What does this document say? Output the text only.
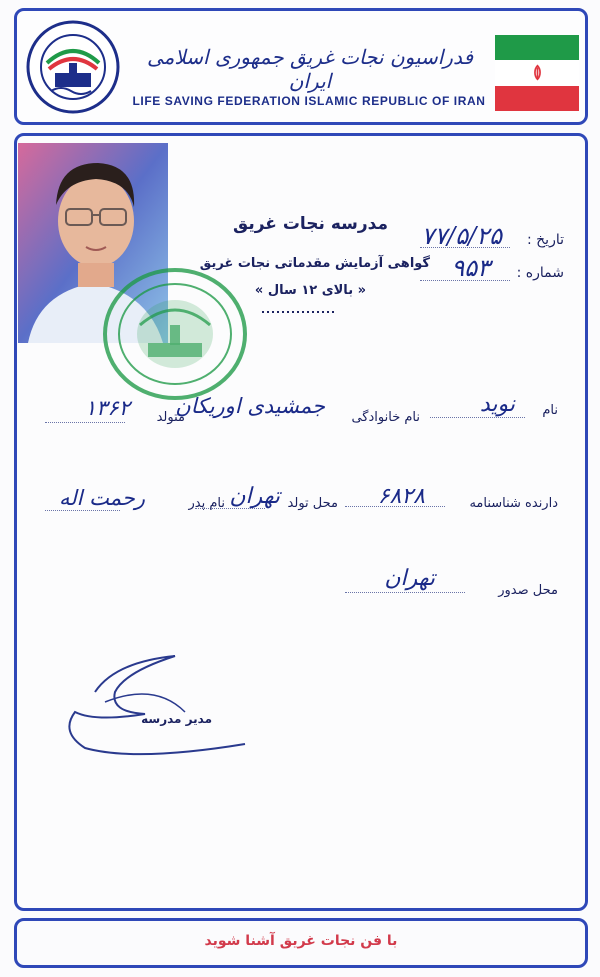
فدراسیون نجات غریق جمهوری اسلامی ایران
LIFE SAVING FEDERATION ISLAMIC REPUBLIC OF IRAN
مدرسه نجات غریق
گواهی آزمایش مقدماتی نجات غریق
« بالای ۱۲ سال »
تاریخ :
۷۷/۵/۲۵
شماره :
۹۵۳
نام
نوید
نام خانوادگی
جمشیدی اوریکان
متولد
۱۳۶۲
دارنده شناسنامه
۶۸۲۸
محل تولد
تهران
نام پدر
رحمت اله
محل صدور
تهران
مدیر مدرسه
با فن نجات غریق آشنا شوید
